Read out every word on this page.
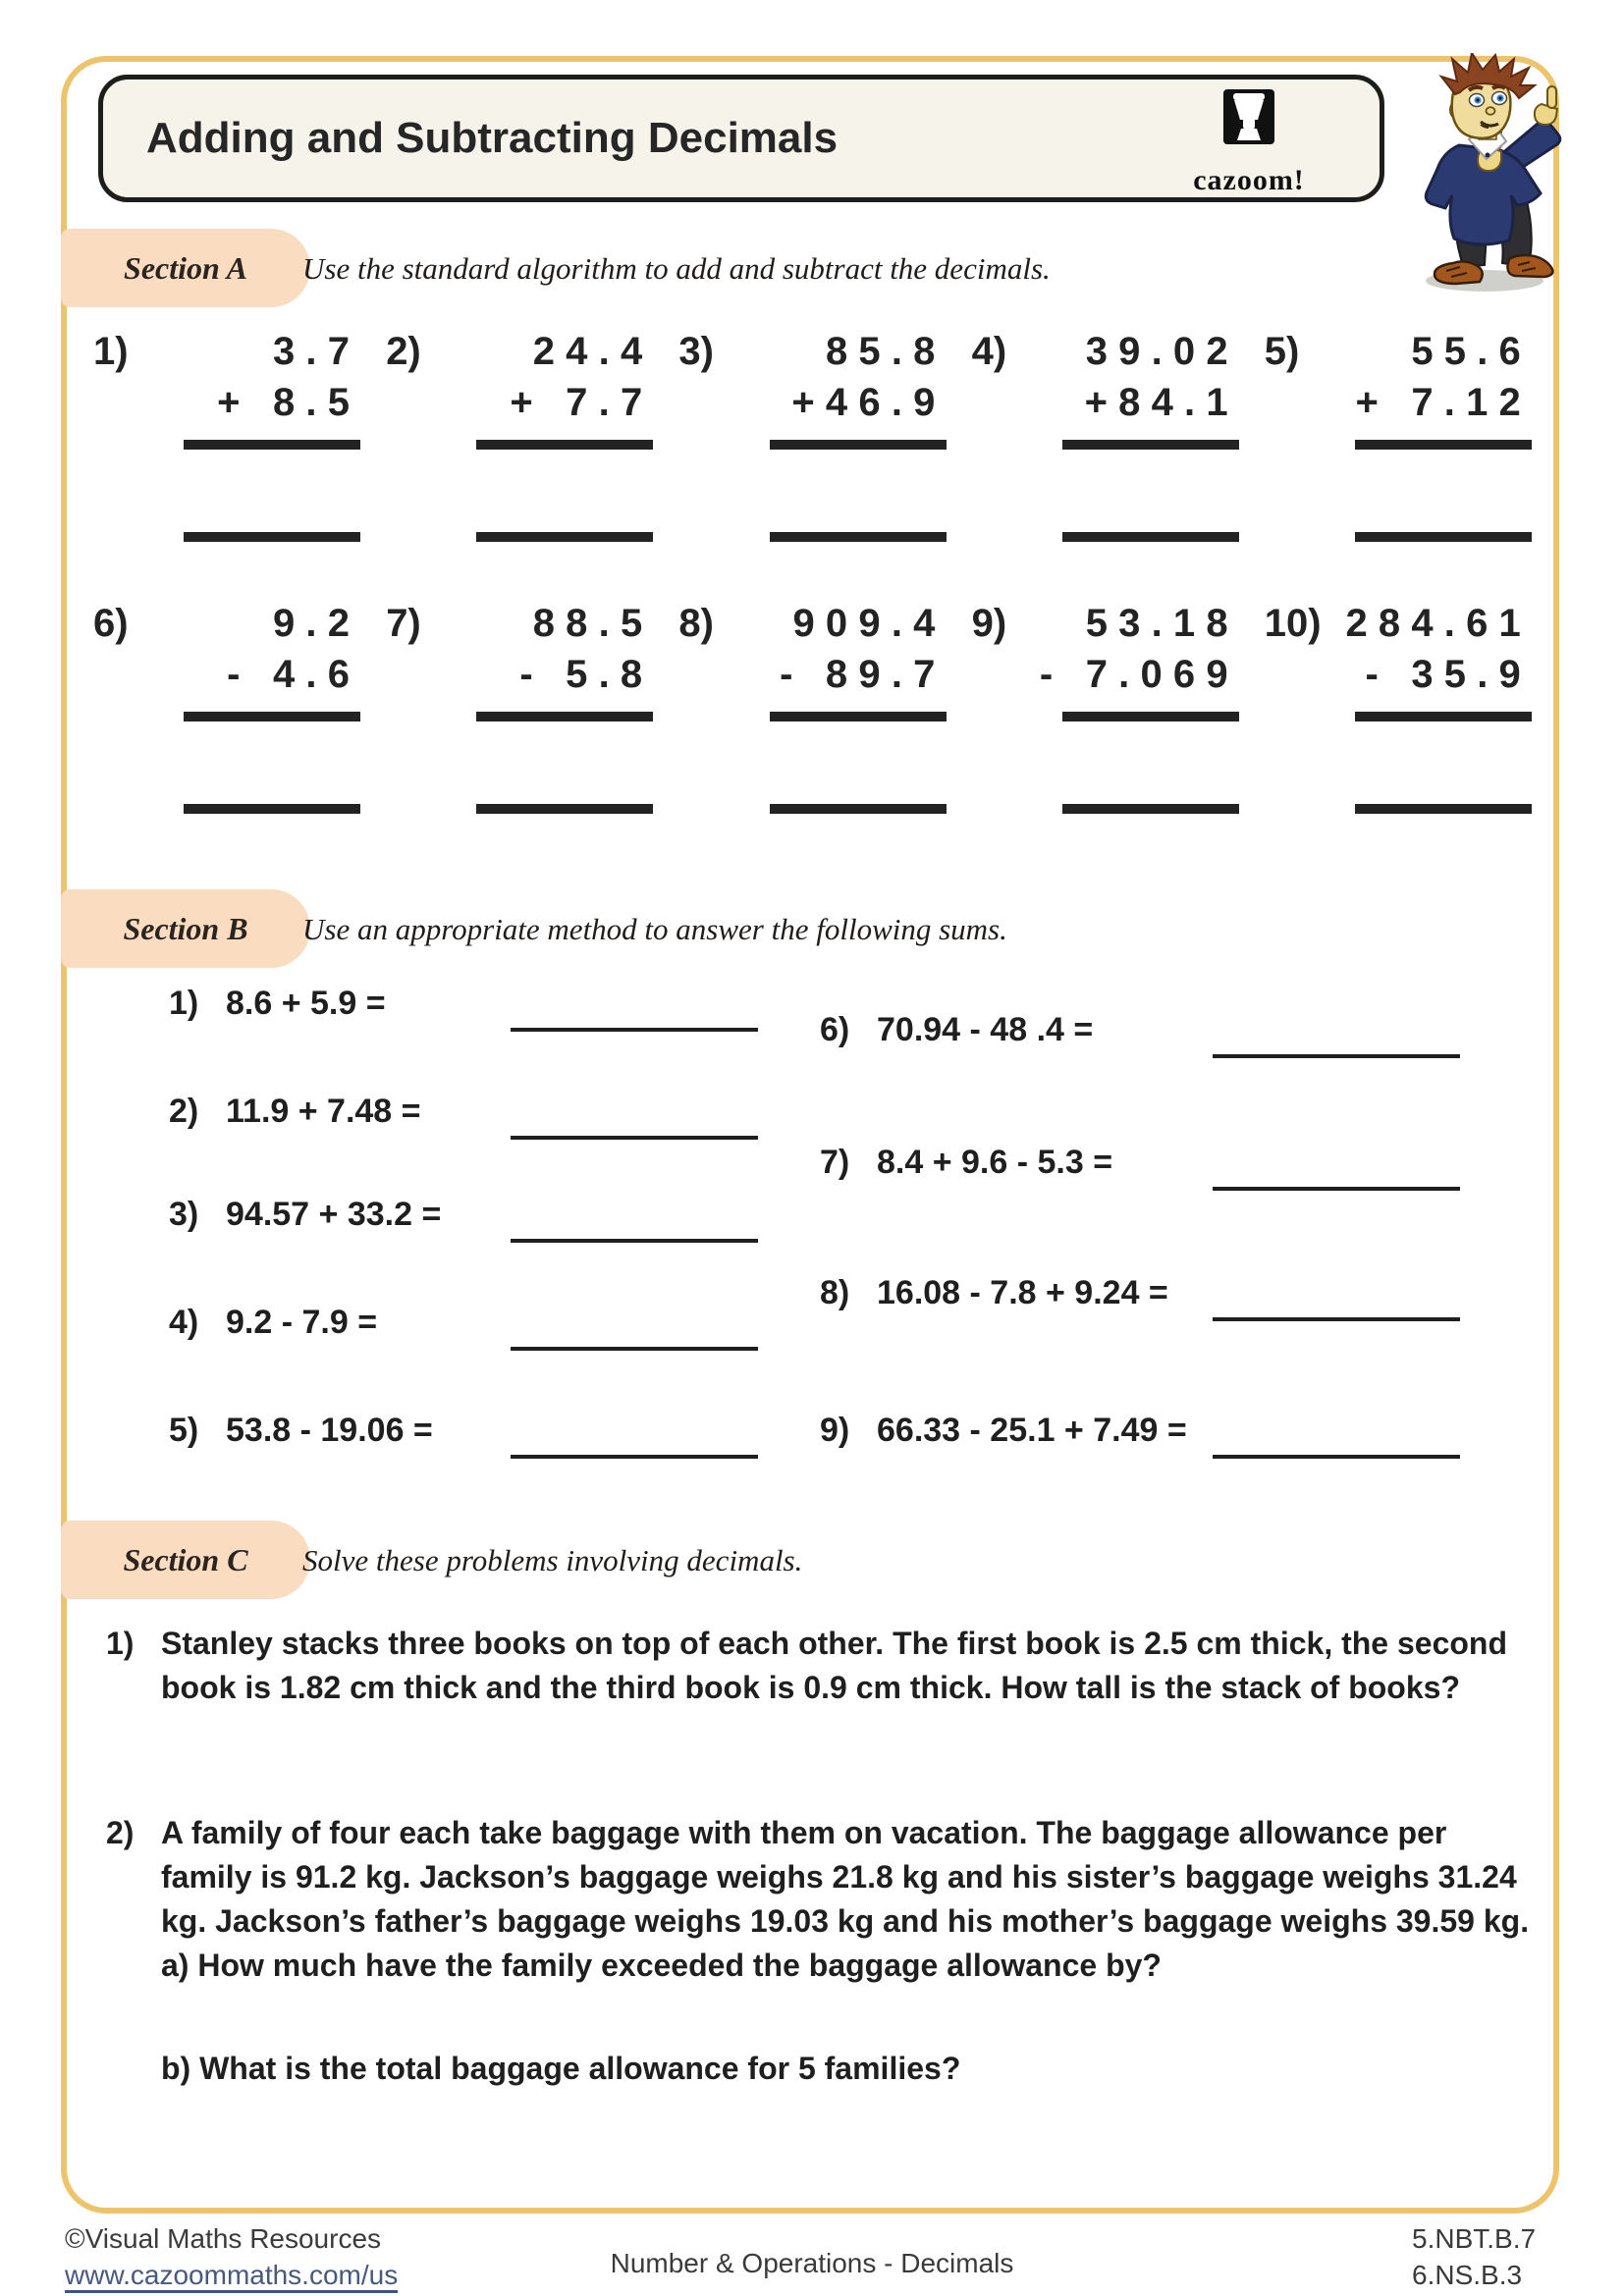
Adding and Subtracting Decimals
cazoom!
Section A Use the standard algorithm to add and subtract the decimals.
1)	3.7
+ 8.5
2)	24.4
+ 7.7
3)	85.8
+46.9
4)	39.02
+84.1
5)	55.6
+ 7.12
6)	9.2
- 4.6
7)	88.5
- 5.8
8)	909.4
- 89.7
9)	53.18
- 7.069
10) 284.61
- 35.9
Section B Use an appropriate method to answer the following sums.
1) 8.6 + 5.9 =
2) 11.9 + 7.48 =
3) 94.57 + 33.2 =
4) 9.2 - 7.9 =
5) 53.8 - 19.06 =
6) 70.94 - 48 .4 =
7) 8.4 + 9.6 - 5.3 =
8) 16.08 - 7.8 + 9.24 =
9) 66.33 - 25.1 + 7.49 =
Section C Solve these problems involving decimals.
1) Stanley stacks three books on top of each other. The first book is 2.5 cm thick, the second book is 1.82 cm thick and the third book is 0.9 cm thick. How tall is the stack of books?
2) A family of four each take baggage with them on vacation. The baggage allowance per family is 91.2 kg. Jackson’s baggage weighs 21.8 kg and his sister’s baggage weighs 31.24 kg. Jackson’s father’s baggage weighs 19.03 kg and his mother’s baggage weighs 39.59 kg.
a) How much have the family exceeded the baggage allowance by?
b) What is the total baggage allowance for 5 families?
©Visual Maths Resources
www.cazoommaths.com/us	Number & Operations - Decimals
5.NBT.B.7
6.NS.B.3
